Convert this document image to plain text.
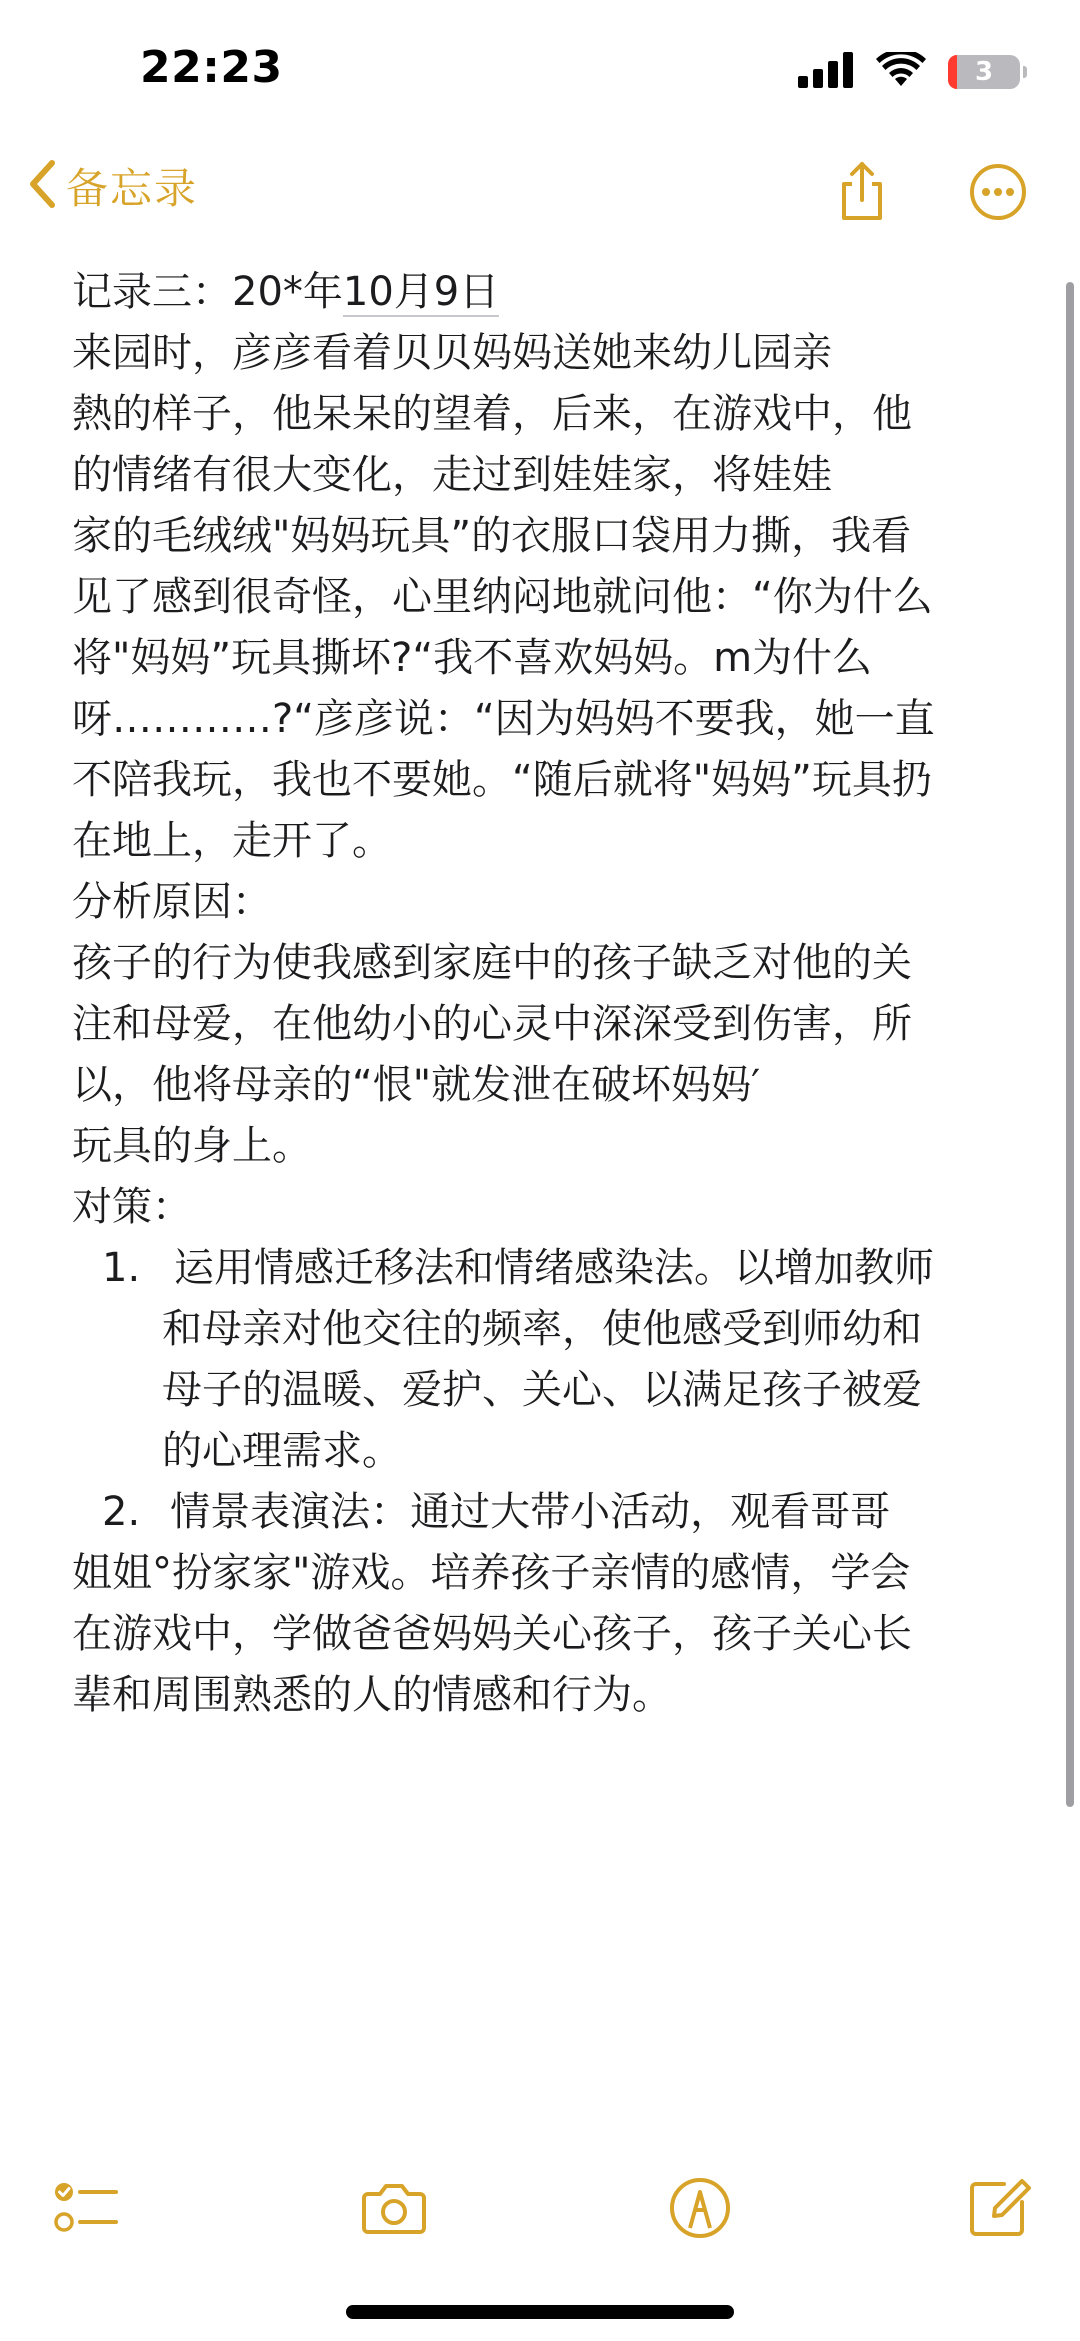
22:23	3
备忘录

记录三：20*年10月9日

来园时，彦彦看着贝贝妈妈送她来幼儿园亲

熱的样子，他呆呆的望着，后来，在游戏中，他

的情绪有很大变化，走过到娃娃家，将娃娃

家的毛绒绒"妈妈玩具”的衣服口袋用力撕，我看

见了感到很奇怪，心里纳闷地就问他：“你为什么

将"妈妈”玩具撕坏?“我不喜欢妈妈。m为什么

呀…………?“彦彦说：“因为妈妈不要我，她一直

不陪我玩，我也不要她。“随后就将"妈妈”玩具扔

在地上，走开了。

分析原因：

孩子的行为使我感到家庭中的孩子缺乏对他的关

注和母爱，在他幼小的心灵中深深受到伤害，所

以，他将母亲的“恨"就发泄在破坏妈妈′

玩具的身上。

对策：

1. 运用情感迁移法和情绪感染法。以增加教师

和母亲对他交往的频率，使他感受到师幼和

母子的温暖、爱护、关心、以满足孩子被爱

的心理需求。

2. 情景表演法：通过大带小活动，观看哥哥

姐姐°扮家家"游戏。培养孩子亲情的感情，学会

在游戏中，学做爸爸妈妈关心孩子，孩子关心长

辈和周围熟悉的人的情感和行为。
